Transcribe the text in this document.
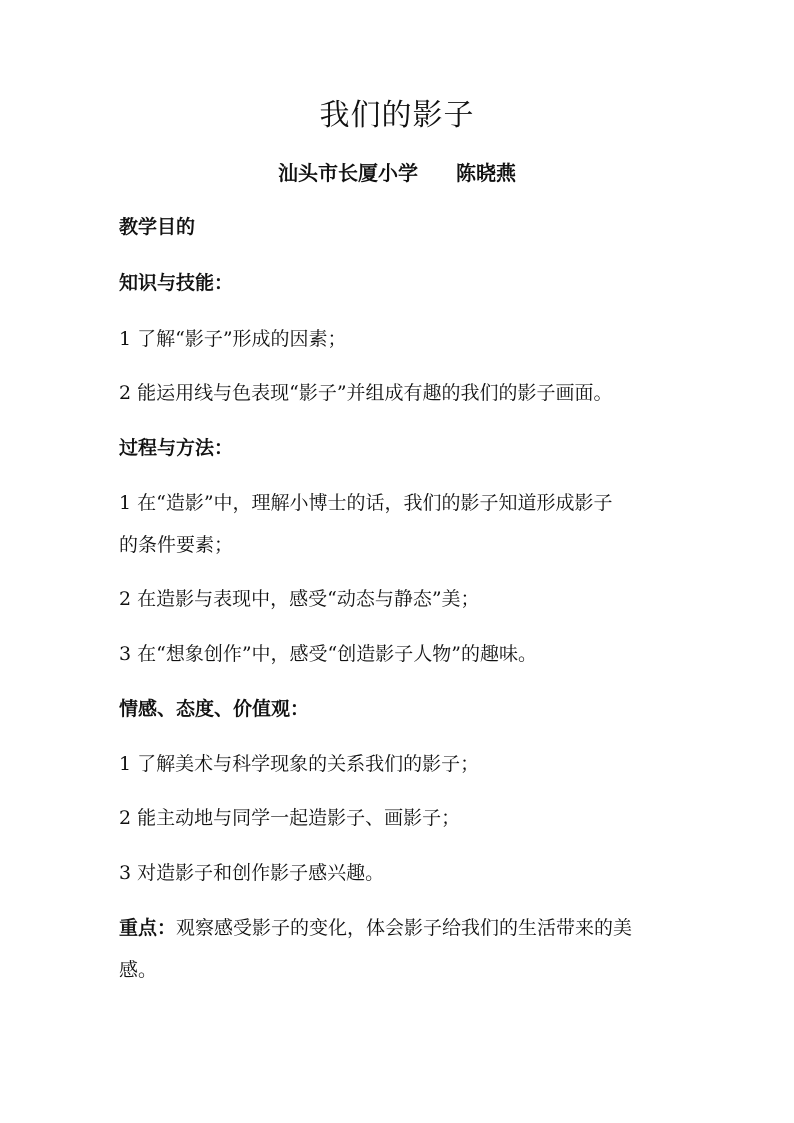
我们的影子
汕头市长厦小学 陈晓燕
教学目的
知识与技能：
1 了解“影子”形成的因素；
2 能运用线与色表现“影子”并组成有趣的我们的影子画面。
过程与方法：
1 在“造影”中，理解小博士的话，我们的影子知道形成影子
的条件要素；
2 在造影与表现中，感受“动态与静态”美；
3 在“想象创作”中，感受“创造影子人物”的趣味。
情感、态度、价值观：
1 了解美术与科学现象的关系我们的影子；
2 能主动地与同学一起造影子、画影子；
3 对造影子和创作影子感兴趣。
重点：观察感受影子的变化，体会影子给我们的生活带来的美
感。
